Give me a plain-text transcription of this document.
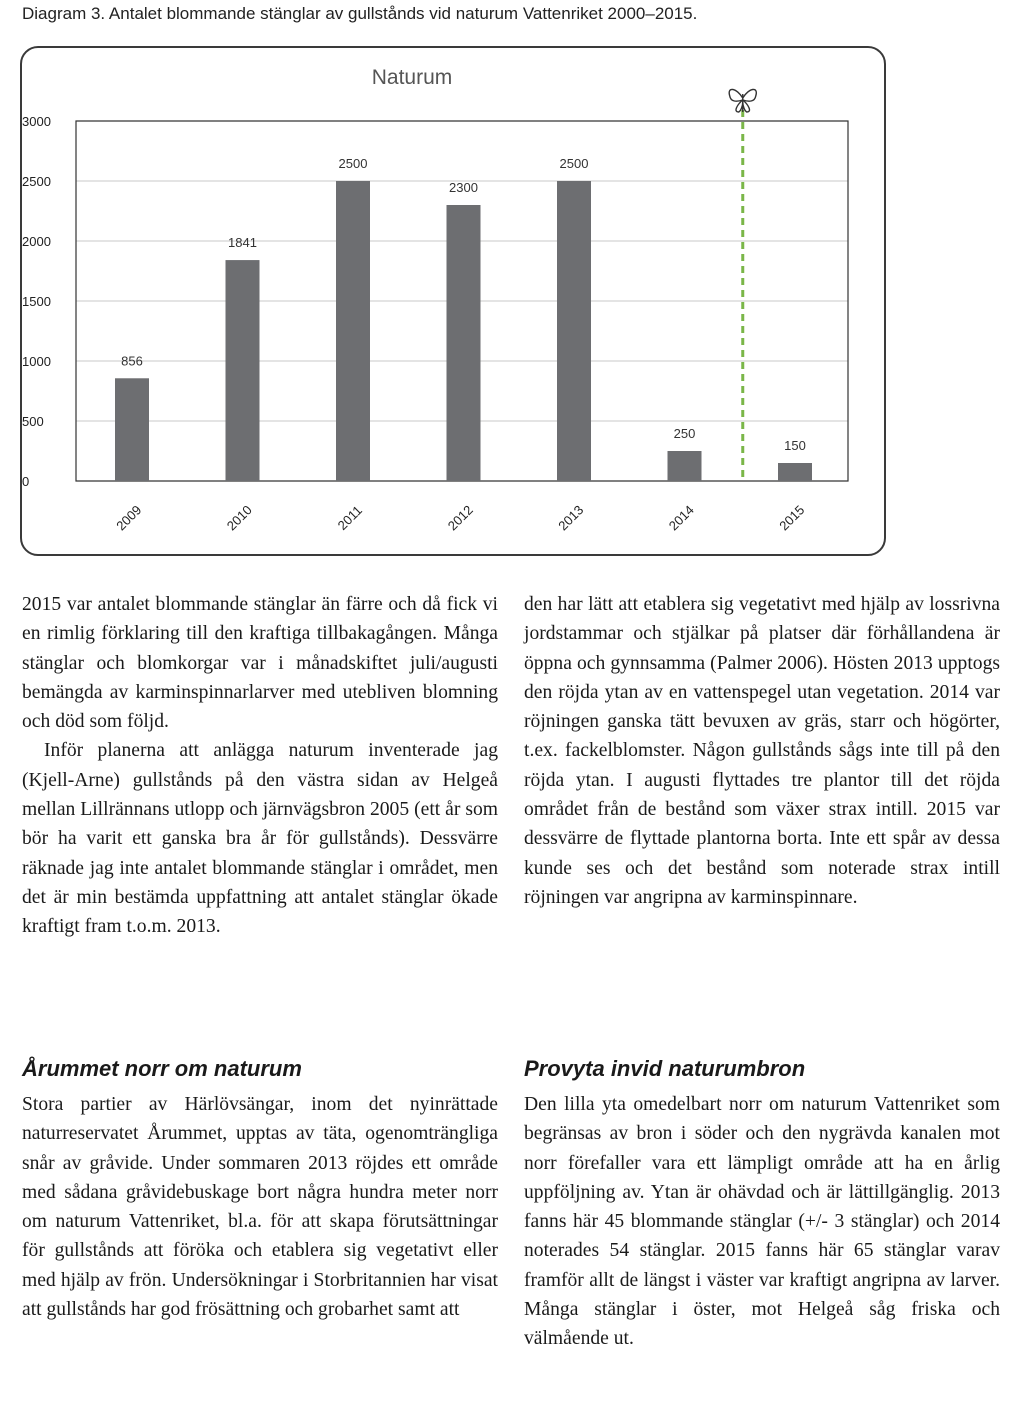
Diagram 3. Antalet blommande stänglar av gullstånds vid naturum Vattenriket 2000–2015.
Naturum
0
500
1000
1500
2000
2500
3000
856
2009
1841
2010
2500
2011
2300
2012
2500
2013
250
2014
150
2015

2015 var antalet blommande stänglar än färre och då fick vi en rimlig förklaring till den kraftiga tillbakagången. Många stänglar och blomkorgar var i månadskiftet juli/augusti bemängda av karminspinnarlarver med utebliven blomning och död som följd.

Inför planerna att anlägga naturum inventerade jag (Kjell-Arne) gullstånds på den västra sidan av Helgeå mellan Lillrännans utlopp och järnvägsbron 2005 (ett år som bör ha varit ett ganska bra år för gullstånds). Dessvärre räknade jag inte antalet blommande stänglar i området, men det är min bestämda uppfattning att antalet stänglar ökade kraftigt fram t.o.m. 2013.

den har lätt att etablera sig vegetativt med hjälp av lossrivna jordstammar och stjälkar på platser där förhållandena är öppna och gynnsamma (Palmer 2006). Hösten 2013 upptogs den röjda ytan av en vattenspegel utan vegetation. 2014 var röjningen ganska tätt bevuxen av gräs, starr och högörter, t.ex. fackelblomster. Någon gullstånds sågs inte till på den röjda ytan. I augusti flyttades tre plantor till det röjda området från de bestånd som växer strax intill. 2015 var dessvärre de flyttade plantorna borta. Inte ett spår av dessa kunde ses och det bestånd som noterade strax intill röjningen var angripna av karminspinnare.

Årummet norr om naturum

Stora partier av Härlövsängar, inom det nyinrättade naturreservatet Årummet, upptas av täta, ogenomträngliga snår av gråvide. Under sommaren 2013 röjdes ett område med sådana gråvidebuskage bort några hundra meter norr om naturum Vattenriket, bl.a. för att skapa förutsättningar för gullstånds att föröka och etablera sig vegetativt eller med hjälp av frön. Undersökningar i Storbritannien har visat att gullstånds har god frösättning och grobarhet samt att

Provyta invid naturumbron

Den lilla yta omedelbart norr om naturum Vattenriket som begränsas av bron i söder och den nygrävda kanalen mot norr förefaller vara ett lämpligt område att ha en årlig uppföljning av. Ytan är ohävdad och är lättillgänglig. 2013 fanns här 45 blommande stänglar (+/- 3 stänglar) och 2014 noterades 54 stänglar. 2015 fanns här 65 stänglar varav framför allt de längst i väster var kraftigt angripna av larver. Många stänglar i öster, mot Helgeå såg friska och välmående ut.
